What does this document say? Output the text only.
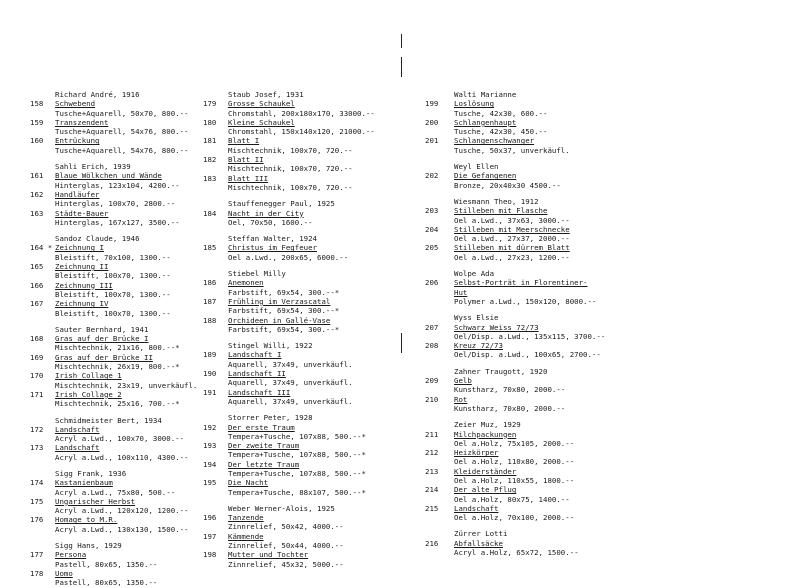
Richard André, 1916
158 Schwebend
Tusche+Aquarell, 50x70, 800.--
159 Transzendent
Tusche+Aquarell, 54x76, 800.--
160 Entrückung
Tusche+Aquarell, 54x76, 800.--
Sahli Erich, 1939
161 Blaue Wölkchen und Wände
Hinterglas, 123x104, 4200.--
162 Handläufer
Hinterglas, 100x70, 2800.--
163 Städte-Bauer
Hinterglas, 167x127, 3500.--
Sandoz Claude, 1946
164 * Zeichnung I
Bleistift, 70x100, 1300.--
165 Zeichnung II
Bleistift, 100x70, 1300.--
166 Zeichnung III
Bleistift, 100x70, 1300.--
167 Zeichnung IV
Bleistift, 100x70, 1300.--
Sauter Bernhard, 1941
168 Gras auf der Brücke I
Mischtechnik, 21x16, 800.--*
169 Gras auf der Brücke II
Mischtechnik, 26x19, 800.--*
170 Irish Collage 1
Mischtechnik, 23x19, unverkäufl.
171 Irish Collage 2
Mischtechnik, 25x16, 700.--*
Schmidmeister Bert, 1934
172 Landschaft
Acryl a.Lwd., 100x70, 3000.--
173 Landschaft
Acryl a.Lwd., 100x110, 4300.--
Sigg Frank, 1936
174 Kastanienbaum
Acryl a.Lwd., 75x80, 500.--
175 Ungarischer Herbst
Acryl a.Lwd., 120x120, 1200.--
176 Homage to M.R.
Acryl a.Lwd., 130x130, 1500.--
Sigg Hans, 1929
177 Persona
Pastell, 80x65, 1350.--
178 Uomo
Pastell, 80x65, 1350.--
Staub Josef, 1931
179 Grosse Schaukel
Chromstahl, 200x180x170, 33000.--
180 Kleine Schaukel
Chromstahl, 150x140x120, 21000.--
181 Blatt I
Mischtechnik, 100x70, 720.--
182 Blatt II
Mischtechnik, 100x70, 720.--
183 Blatt III
Mischtechnik, 100x70, 720.--
Stauffenegger Paul, 1925
184 Nacht in der City
Oel, 70x50, 1600.--
Steffan Walter, 1924
185 Christus im Fegfeuer
Oel a.Lwd., 200x65, 6000.--
Stiebel Milly
186 Anemonen
Farbstift, 69x54, 300.--*
187 Frühling im Verzascatal
Farbstift, 69x54, 300.--*
188 Orchideen in Gallé-Vase
Farbstift, 69x54, 300.--*
Stingel Willi, 1922
189 Landschaft I
Aquarell, 37x49, unverkäufl.
190 Landschaft II
Aquarell, 37x49, unverkäufl.
191 Landschaft III
Aquarell, 37x49, unverkäufl.
Storrer Peter, 1928
192 Der erste Traum
Tempera+Tusche, 107x88, 500.--*
193 Der zweite Traum
Tempera+Tusche, 107x88, 500.--*
194 Der letzte Traum
Tempera+Tusche, 107x88, 500.--*
195 Die Nacht
Tempera+Tusche, 88x107, 500.--*
Weber Werner-Alois, 1925
196 Tanzende
Zinnrelief, 50x42, 4000.--
197 Kämmende
Zinnrelief, 50x44, 4000.--
198 Mutter und Tochter
Zinnrelief, 45x32, 5000.--
Walti Marianne
199 Loslösung
Tusche, 42x30, 600.--
200 Schlangenhaupt
Tusche, 42x30, 450.--
201 Schlangenschwanger
Tusche, 50x37, unverkäufl.
Weyl Ellen
202 Die Gefangenen
Bronze, 20x40x30 4500.--
Wiesmann Theo, 1912
203 Stilleben mit Flasche
Oel a.Lwd., 37x63, 3000.--
204 Stilleben mit Meerschnecke
Oel a.Lwd., 27x37, 2000.--
205 Stilleben mit dürrem Blatt
Oel a.Lwd., 27x23, 1200.--
Wolpe Ada
206 Selbst-Porträt in Florentiner-
Hut
Polymer a.Lwd., 150x120, 8000.--
Wyss Elsie
207 Schwarz Weiss 72/73
Oel/Disp. a.Lwd., 135x115, 3700.--
208 Kreuz 72/73
Oel/Disp. a.Lwd., 100x65, 2700.--
Zahner Traugott, 1920
209 Gelb
Kunstharz, 70x80, 2000.--
210 Rot
Kunstharz, 70x80, 2000.--
Zeier Muz, 1929
211 Milchpackungen
Oel a.Holz, 75x105, 2000.--
212 Heizkörper
Oel a.Holz, 110x80, 2000.--
213 Kleiderständer
Oel a.Holz, 110x55, 1800.--
214 Der alte Pflug
Oel a.Holz, 80x75, 1400.--
215 Landschaft
Oel a.Holz, 70x100, 2000.--
Zürrer Lotti
216 Abfallsäcke
Acryl a.Holz, 65x72, 1500.--
